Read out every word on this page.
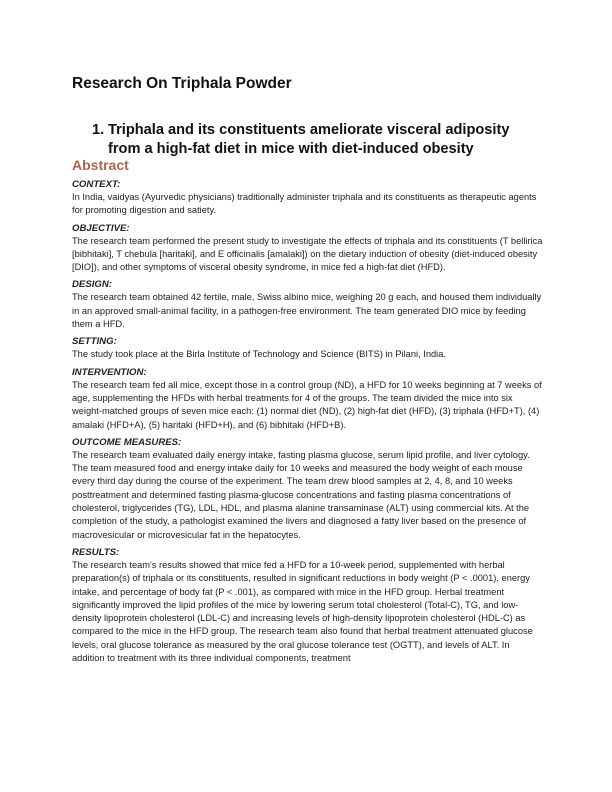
Research On Triphala Powder
1. Triphala and its constituents ameliorate visceral adiposity from a high-fat diet in mice with diet-induced obesity
Abstract

CONTEXT:

In India, vaidyas (Ayurvedic physicians) traditionally administer triphala and its constituents as therapeutic agents for promoting digestion and satiety.

OBJECTIVE:

The research team performed the present study to investigate the effects of triphala and its constituents (T bellirica [bibhitaki], T chebula [haritaki], and E officinalis [amalaki]) on the dietary induction of obesity (diet-induced obesity [DIO]), and other symptoms of visceral obesity syndrome, in mice fed a high-fat diet (HFD).

DESIGN:

The research team obtained 42 fertile, male, Swiss albino mice, weighing 20 g each, and housed them individually in an approved small-animal facility, in a pathogen-free environment. The team generated DIO mice by feeding them a HFD.

SETTING:

The study took place at the Birla Institute of Technology and Science (BITS) in Pilani, India.

INTERVENTION:

The research team fed all mice, except those in a control group (ND), a HFD for 10 weeks beginning at 7 weeks of age, supplementing the HFDs with herbal treatments for 4 of the groups. The team divided the mice into six weight-matched groups of seven mice each: (1) normal diet (ND), (2) high-fat diet (HFD), (3) triphala (HFD+T), (4) amalaki (HFD+A), (5) haritaki (HFD+H), and (6) bibhitaki (HFD+B).

OUTCOME MEASURES:

The research team evaluated daily energy intake, fasting plasma glucose, serum lipid profile, and liver cytology. The team measured food and energy intake daily for 10 weeks and measured the body weight of each mouse every third day during the course of the experiment. The team drew blood samples at 2, 4, 8, and 10 weeks posttreatment and determined fasting plasma-glucose concentrations and fasting plasma concentrations of cholesterol, triglycerides (TG), LDL, HDL, and plasma alanine transaminase (ALT) using commercial kits. At the completion of the study, a pathologist examined the livers and diagnosed a fatty liver based on the presence of macrovesicular or microvesicular fat in the hepatocytes.

RESULTS:

The research team's results showed that mice fed a HFD for a 10-week period, supplemented with herbal preparation(s) of triphala or its constituents, resulted in significant reductions in body weight (P < .0001), energy intake, and percentage of body fat (P < .001), as compared with mice in the HFD group. Herbal treatment significantly improved the lipid profiles of the mice by lowering serum total cholesterol (Total-C), TG, and low-density lipoprotein cholesterol (LDL-C) and increasing levels of high-density lipoprotein cholesterol (HDL-C) as compared to the mice in the HFD group. The research team also found that herbal treatment attenuated glucose levels, oral glucose tolerance as measured by the oral glucose tolerance test (OGTT), and levels of ALT. In addition to treatment with its three individual components, treatment
